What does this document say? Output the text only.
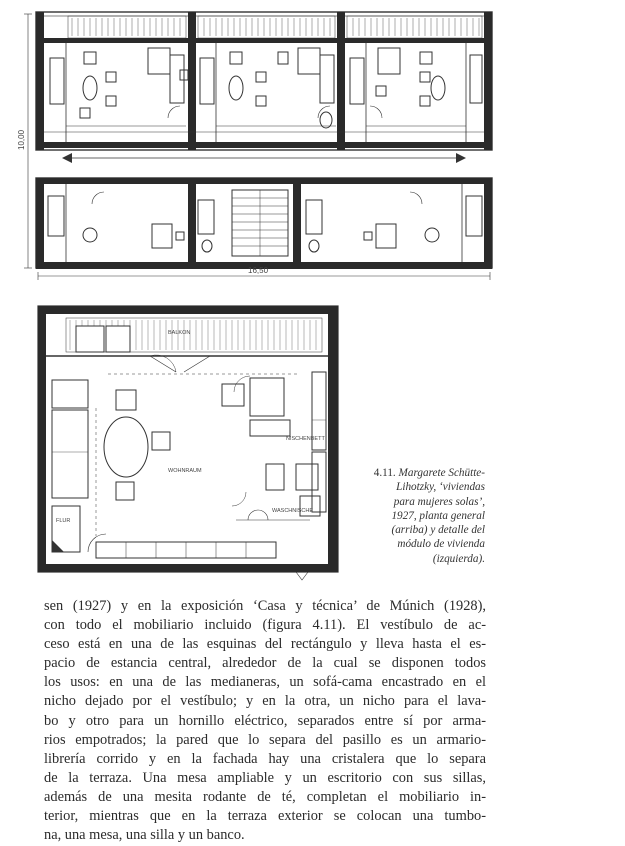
16,50
10,00
BALKON
WOHNRAUM
NISCHENBETT
WASCHNISCHE
FLUR
4.11. Margarete Schütte-
Lihotzky, ‘viviendas
para mujeres solas’,
1927, planta general
(arriba) y detalle del
módulo de vivienda
(izquierda).
sen (1927) y en la exposición ‘Casa y técnica’ de Múnich (1928),
con todo el mobiliario incluido (figura 4.11). El vestíbulo de ac-
ceso está en una de las esquinas del rectángulo y lleva hasta el es-
pacio de estancia central, alrededor de la cual se disponen todos
los usos: en una de las medianeras, un sofá-cama encastrado en el
nicho dejado por el vestíbulo; y en la otra, un nicho para el lava-
bo y otro para un hornillo eléctrico, separados entre sí por arma-
rios empotrados; la pared que lo separa del pasillo es un armario-
librería corrido y en la fachada hay una cristalera que lo separa
de la terraza. Una mesa ampliable y un escritorio con sus sillas,
además de una mesita rodante de té, completan el mobiliario in-
terior, mientras que en la terraza exterior se colocan una tumbo-
na, una mesa, una silla y un banco.
